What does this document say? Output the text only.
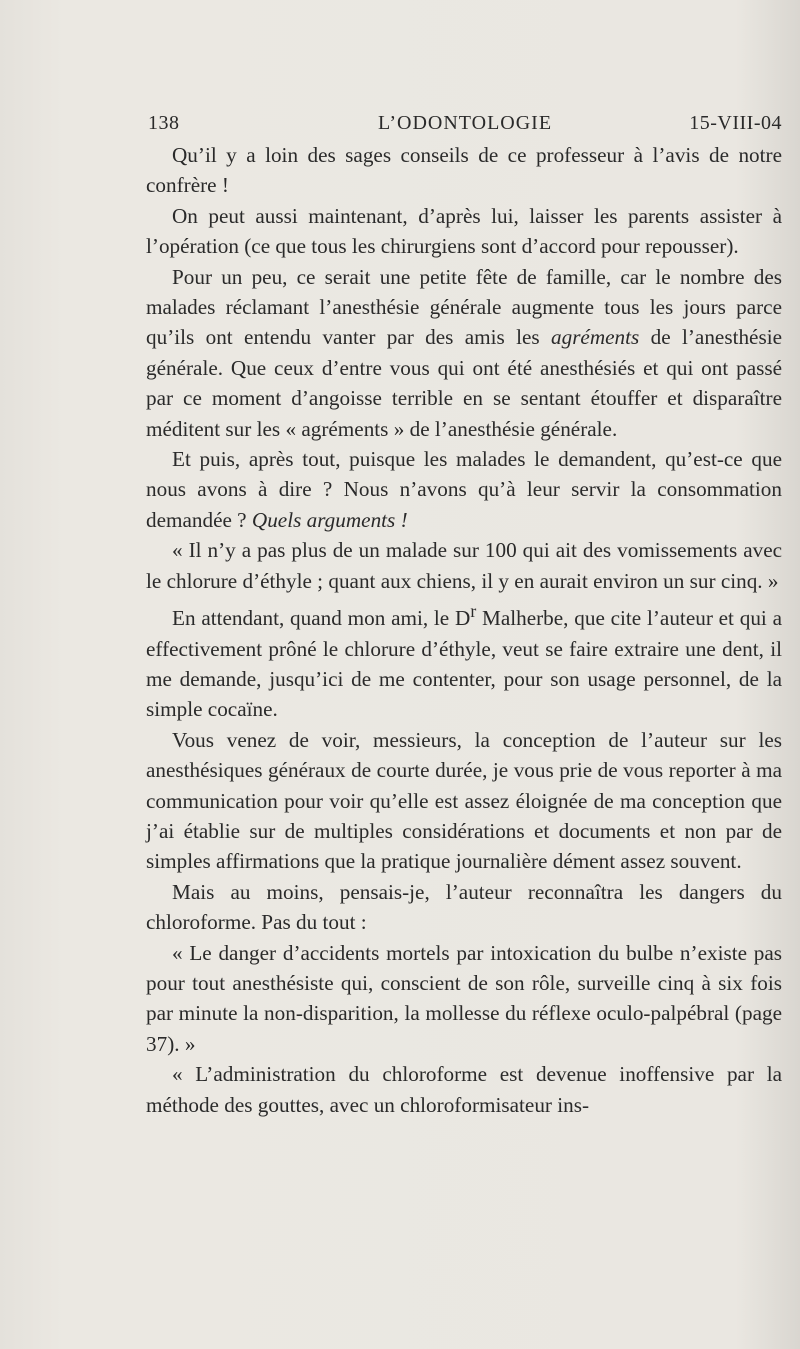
138	L’ODONTOLOGIE	15-VIII-04

Qu’il y a loin des sages conseils de ce professeur à l’avis de notre confrère !

On peut aussi maintenant, d’après lui, laisser les parents assister à l’opération (ce que tous les chirurgiens sont d’accord pour repousser).

Pour un peu, ce serait une petite fête de famille, car le nombre des malades réclamant l’anesthésie générale augmente tous les jours parce qu’ils ont entendu vanter par des amis les agréments de l’anesthésie générale. Que ceux d’entre vous qui ont été anesthésiés et qui ont passé par ce moment d’angoisse terrible en se sentant étouffer et disparaître méditent sur les « agréments » de l’anesthésie générale.

Et puis, après tout, puisque les malades le demandent, qu’est-ce que nous avons à dire ? Nous n’avons qu’à leur servir la consommation demandée ? Quels arguments !

« Il n’y a pas plus de un malade sur 100 qui ait des vomissements avec le chlorure d’éthyle ; quant aux chiens, il y en aurait environ un sur cinq. »

En attendant, quand mon ami, le $D^r$ Malherbe, que cite l’auteur et qui a effectivement prôné le chlorure d’éthyle, veut se faire extraire une dent, il me demande, jusqu’ici de me contenter, pour son usage personnel, de la simple cocaïne.

Vous venez de voir, messieurs, la conception de l’auteur sur les anesthésiques généraux de courte durée, je vous prie de vous reporter à ma communication pour voir qu’elle est assez éloignée de ma conception que j’ai établie sur de multiples considérations et documents et non par de simples affirmations que la pratique journalière dément assez souvent.

Mais au moins, pensais-je, l’auteur reconnaîtra les dangers du chloroforme. Pas du tout :

« Le danger d’accidents mortels par intoxication du bulbe n’existe pas pour tout anesthésiste qui, conscient de son rôle, surveille cinq à six fois par minute la non-disparition, la mollesse du réflexe oculo-palpébral (page 37). »

« L’administration du chloroforme est devenue inoffensive par la méthode des gouttes, avec un chloroformisateur ins-
